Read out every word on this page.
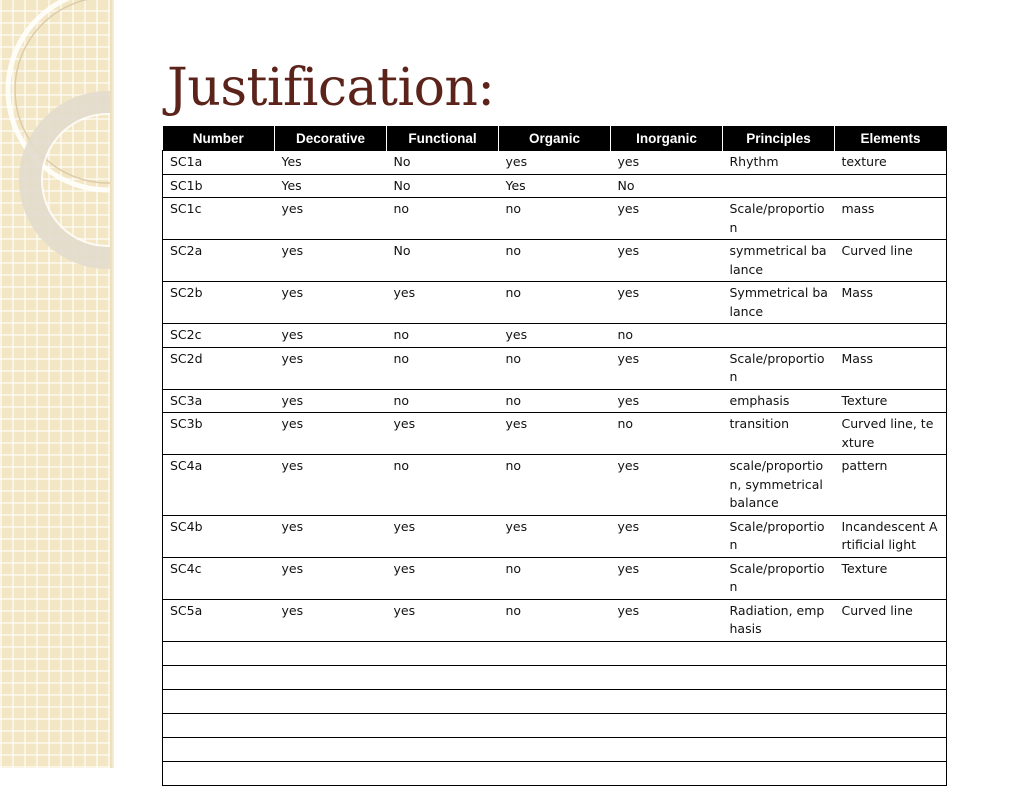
Justification:
Number	Decorative	Functional	Organic	Inorganic	Principles	Elements
SC1a	Yes	No	yes	yes	Rhythm	texture
SC1b	Yes	No	Yes	No		
SC1c	yes	no	no	yes	Scale/proportion	mass
SC2a	yes	No	no	yes	symmetrical balance	Curved line
SC2b	yes	yes	no	yes	Symmetrical balance	Mass
SC2c	yes	no	yes	no		
SC2d	yes	no	no	yes	Scale/proportion	Mass
SC3a	yes	no	no	yes	emphasis	Texture
SC3b	yes	yes	yes	no	transition	Curved line, texture
SC4a	yes	no	no	yes	scale/proportion, symmetrical balance	pattern
SC4b	yes	yes	yes	yes	Scale/proportion	Incandescent Artificial light
SC4c	yes	yes	no	yes	Scale/proportion	Texture
SC5a	yes	yes	no	yes	Radiation, emphasis	Curved line
